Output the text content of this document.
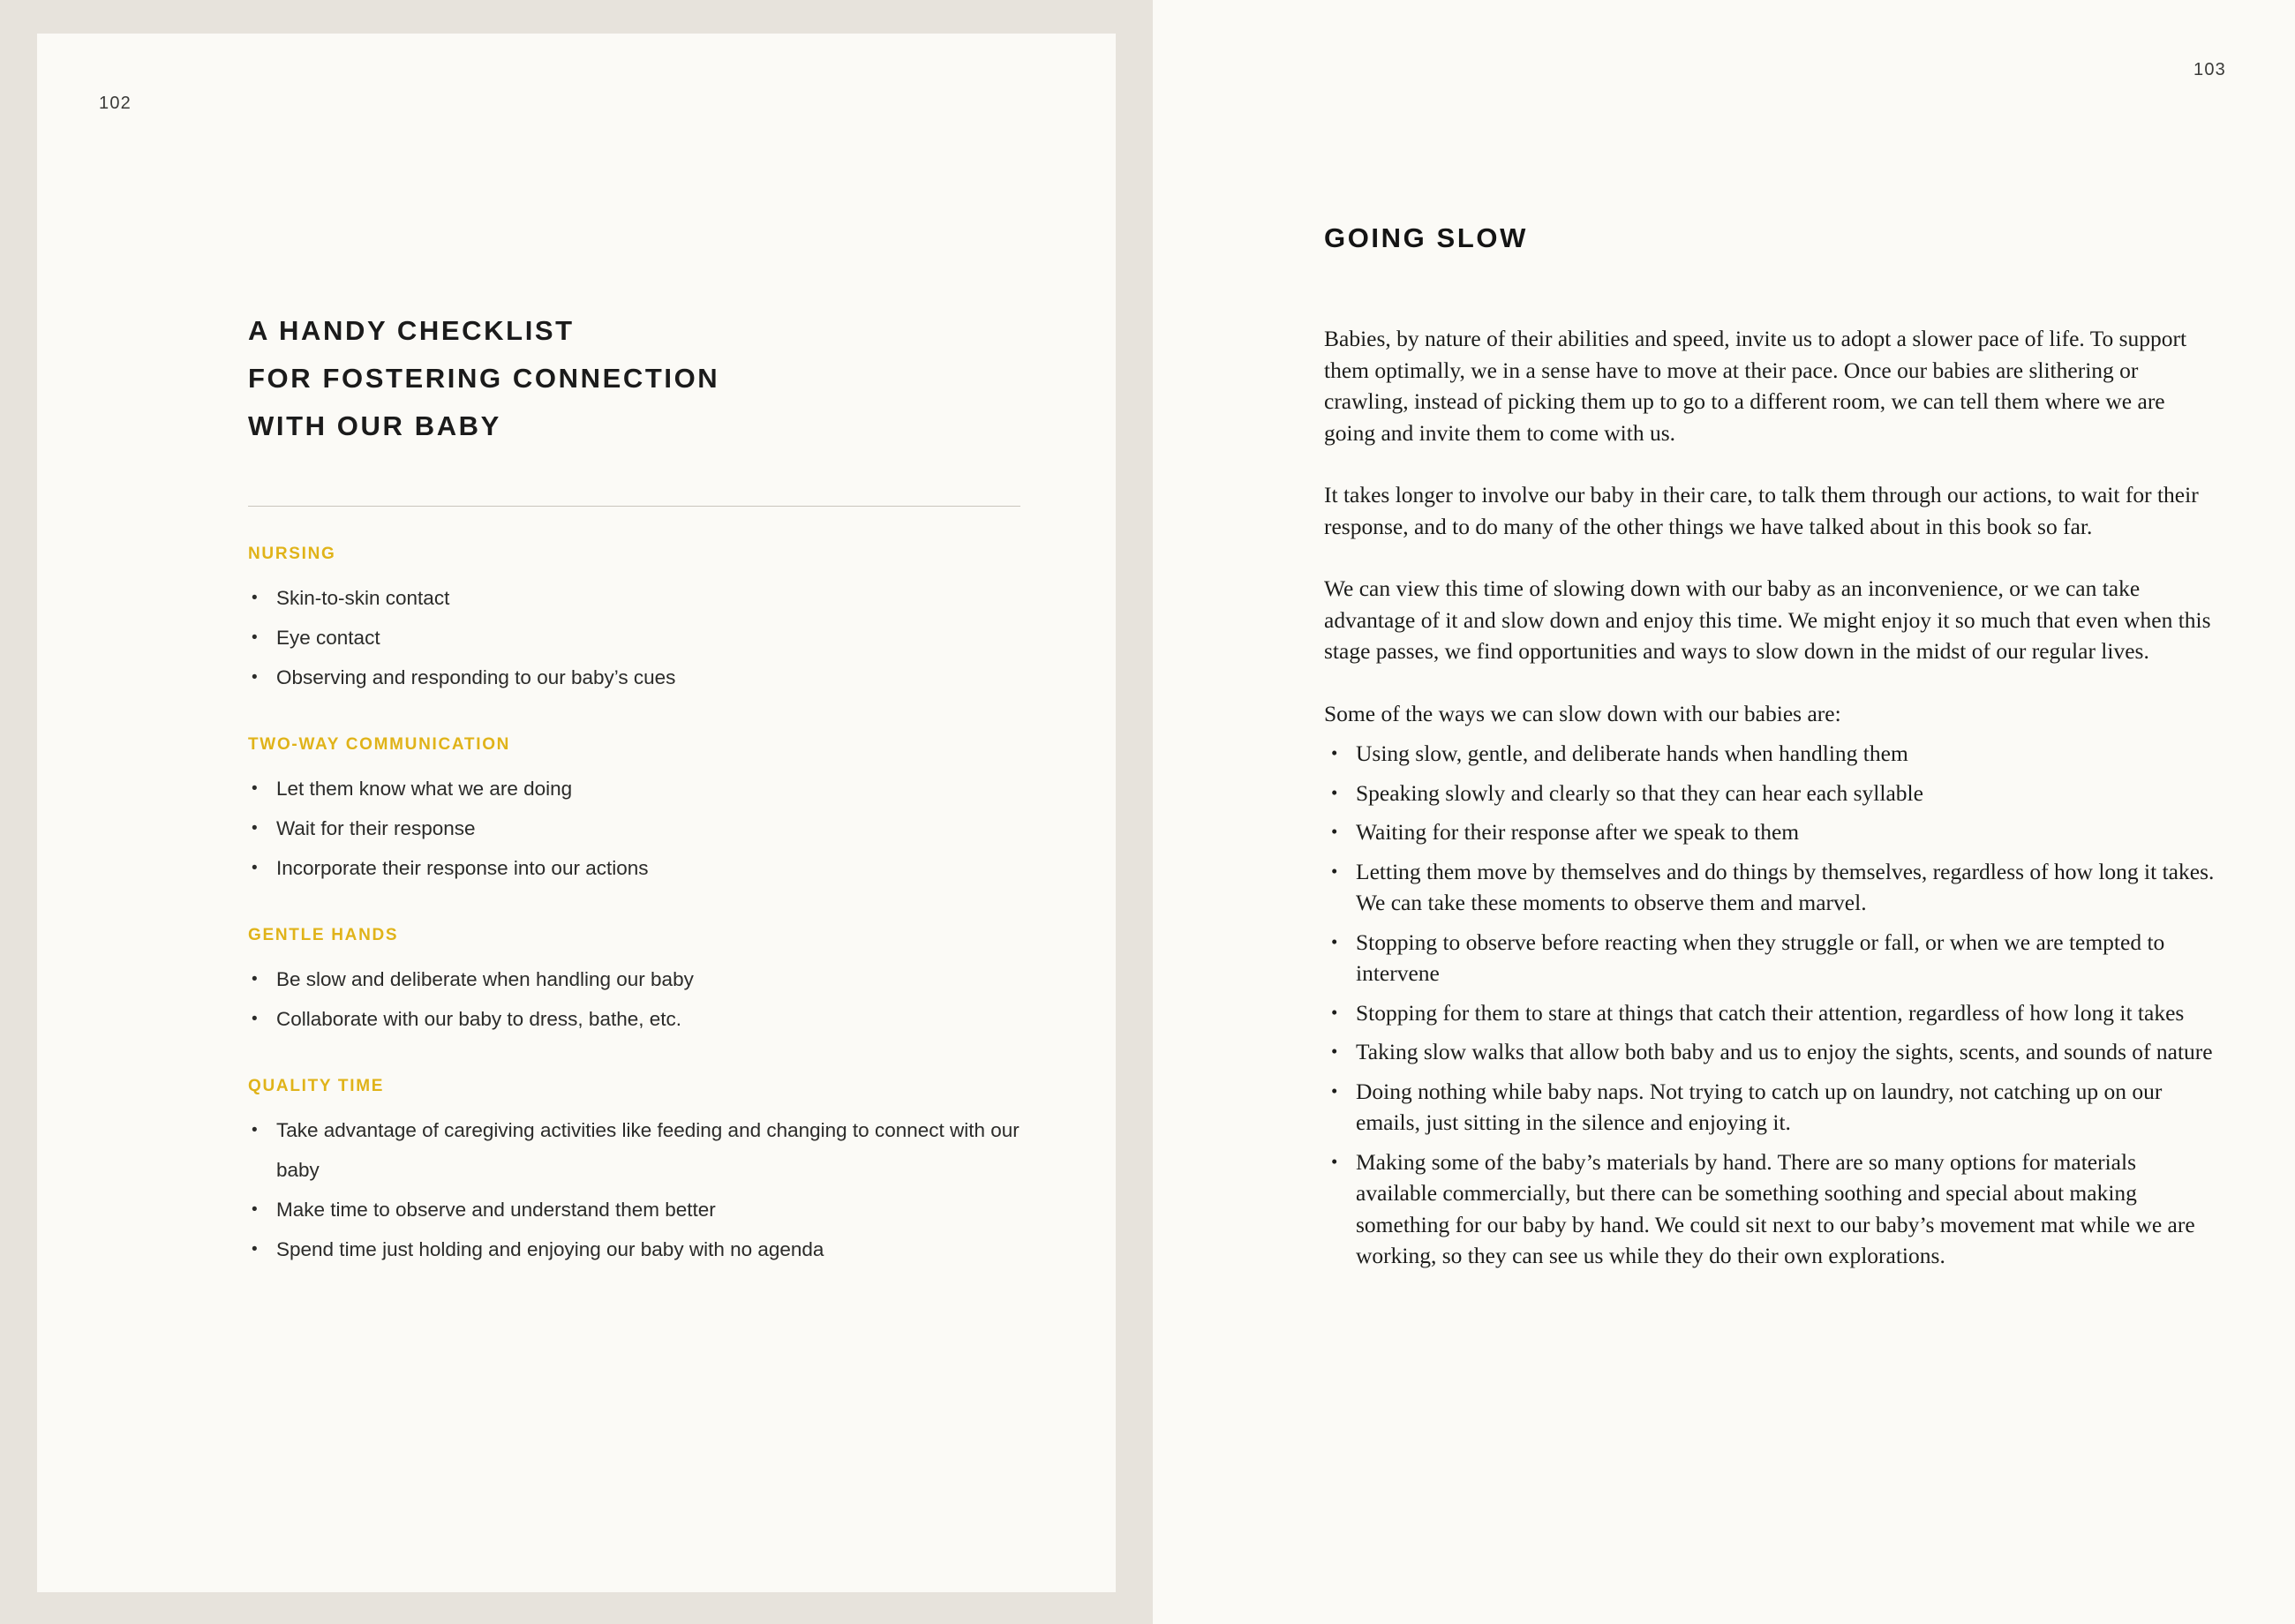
102
A HANDY CHECKLIST
FOR FOSTERING CONNECTION
WITH OUR BABY
NURSING
• Skin-to-skin contact
• Eye contact
• Observing and responding to our baby’s cues
TWO-WAY COMMUNICATION
• Let them know what we are doing
• Wait for their response
• Incorporate their response into our actions
GENTLE HANDS
• Be slow and deliberate when handling our baby
• Collaborate with our baby to dress, bathe, etc.
QUALITY TIME
• Take advantage of caregiving activities like feeding and changing to connect with our baby
• Make time to observe and understand them better
• Spend time just holding and enjoying our baby with no agenda
103
GOING SLOW

Babies, by nature of their abilities and speed, invite us to adopt a slower pace of life. To support them optimally, we in a sense have to move at their pace. Once our babies are slithering or crawling, instead of picking them up to go to a different room, we can tell them where we are going and invite them to come with us.

It takes longer to involve our baby in their care, to talk them through our actions, to wait for their response, and to do many of the other things we have talked about in this book so far.

We can view this time of slowing down with our baby as an inconvenience, or we can take advantage of it and slow down and enjoy this time. We might enjoy it so much that even when this stage passes, we find opportunities and ways to slow down in the midst of our regular lives.

Some of the ways we can slow down with our babies are:

• Using slow, gentle, and deliberate hands when handling them
• Speaking slowly and clearly so that they can hear each syllable
• Waiting for their response after we speak to them
• Letting them move by themselves and do things by themselves, regardless of how long it takes. We can take these moments to observe them and marvel.
• Stopping to observe before reacting when they struggle or fall, or when we are tempted to intervene
• Stopping for them to stare at things that catch their attention, regardless of how long it takes
• Taking slow walks that allow both baby and us to enjoy the sights, scents, and sounds of nature
• Doing nothing while baby naps. Not trying to catch up on laundry, not catching up on our emails, just sitting in the silence and enjoying it.
• Making some of the baby’s materials by hand. There are so many options for materials available commercially, but there can be something soothing and special about making something for our baby by hand. We could sit next to our baby’s movement mat while we are working, so they can see us while they do their own explorations.
